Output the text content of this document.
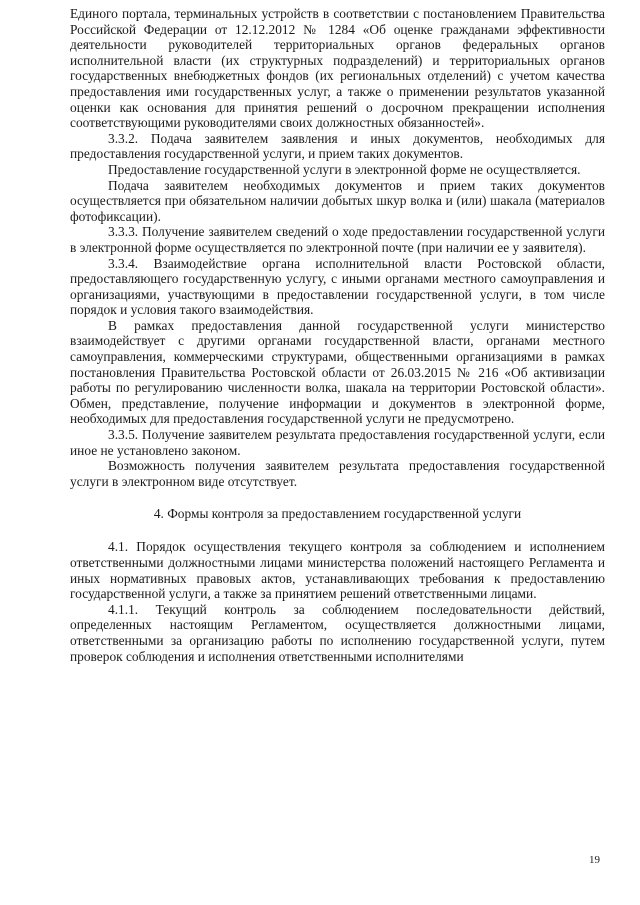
Единого портала, терминальных устройств в соответствии с постановлением Правительства Российской Федерации от 12.12.2012 № 1284 «Об оценке гражданами эффективности деятельности руководителей территориальных органов федеральных органов исполнительной власти (их структурных подразделений) и территориальных органов государственных внебюджетных фондов (их региональных отделений) с учетом качества предоставления ими государственных услуг, а также о применении результатов указанной оценки как основания для принятия решений о досрочном прекращении исполнения соответствующими руководителями своих должностных обязанностей».

3.3.2. Подача заявителем заявления и иных документов, необходимых для предоставления государственной услуги, и прием таких документов.

Предоставление государственной услуги в электронной форме не осуществляется.

Подача заявителем необходимых документов и прием таких документов осуществляется при обязательном наличии добытых шкур волка и (или) шакала (материалов фотофиксации).

3.3.3. Получение заявителем сведений о ходе предоставлении государственной услуги в электронной форме осуществляется по электронной почте (при наличии ее у заявителя).

3.3.4. Взаимодействие органа исполнительной власти Ростовской области, предоставляющего государственную услугу, с иными органами местного самоуправления и организациями, участвующими в предоставлении государственной услуги, в том числе порядок и условия такого взаимодействия.

В рамках предоставления данной государственной услуги министерство взаимодействует с другими органами государственной власти, органами местного самоуправления, коммерческими структурами, общественными организациями в рамках постановления Правительства Ростовской области от 26.03.2015 № 216 «Об активизации работы по регулированию численности волка, шакала на территории Ростовской области». Обмен, представление, получение информации и документов в электронной форме, необходимых для предоставления государственной услуги не предусмотрено.

3.3.5. Получение заявителем результата предоставления государственной услуги, если иное не установлено законом.

Возможность получения заявителем результата предоставления государственной услуги в электронном виде отсутствует.

4. Формы контроля за предоставлением государственной услуги

4.1. Порядок осуществления текущего контроля за соблюдением и исполнением ответственными должностными лицами министерства положений настоящего Регламента и иных нормативных правовых актов, устанавливающих требования к предоставлению государственной услуги, а также за принятием решений ответственными лицами.

4.1.1. Текущий контроль за соблюдением последовательности действий, определенных настоящим Регламентом, осуществляется должностными лицами, ответственными за организацию работы по исполнению государственной услуги, путем проверок соблюдения и исполнения ответственными исполнителями

19
